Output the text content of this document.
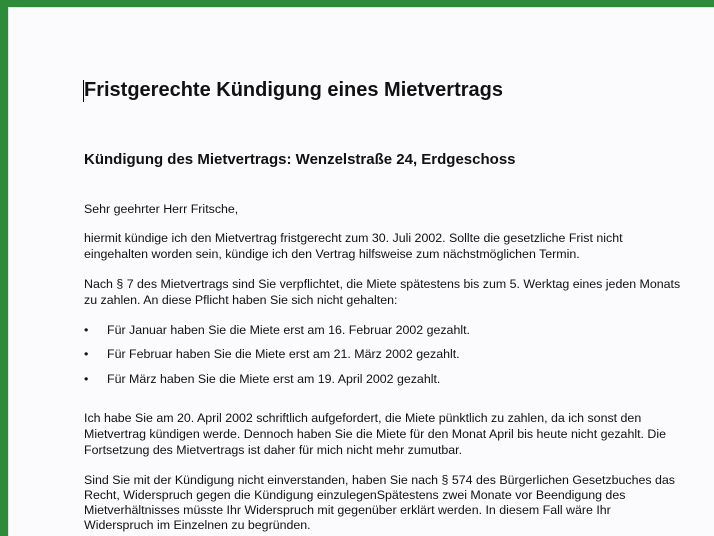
Fristgerechte Kündigung eines Mietvertrags
Kündigung des Mietvertrags: Wenzelstraße 24, Erdgeschoss
Sehr geehrter Herr Fritsche,
hiermit kündige ich den Mietvertrag fristgerecht zum 30. Juli 2002. Sollte die gesetzliche Frist nicht
eingehalten worden sein, kündige ich den Vertrag hilfsweise zum nächstmöglichen Termin.
Nach § 7 des Mietvertrags sind Sie verpflichtet, die Miete spätestens bis zum 5. Werktag eines jeden Monats
zu zahlen. An diese Pflicht haben Sie sich nicht gehalten:
• Für Januar haben Sie die Miete erst am 16. Februar 2002 gezahlt.
• Für Februar haben Sie die Miete erst am 21. März 2002 gezahlt.
• Für März haben Sie die Miete erst am 19. April 2002 gezahlt.
Ich habe Sie am 20. April 2002 schriftlich aufgefordert, die Miete pünktlich zu zahlen, da ich sonst den
Mietvertrag kündigen werde. Dennoch haben Sie die Miete für den Monat April bis heute nicht gezahlt. Die
Fortsetzung des Mietvertrags ist daher für mich nicht mehr zumutbar.
Sind Sie mit der Kündigung nicht einverstanden, haben Sie nach § 574 des Bürgerlichen Gesetzbuches das
Recht, Widerspruch gegen die Kündigung einzulegenSpätestens zwei Monate vor Beendigung des
Mietverhältnisses müsste Ihr Widerspruch mit gegenüber erklärt werden. In diesem Fall wäre Ihr
Widerspruch im Einzelnen zu begründen.
